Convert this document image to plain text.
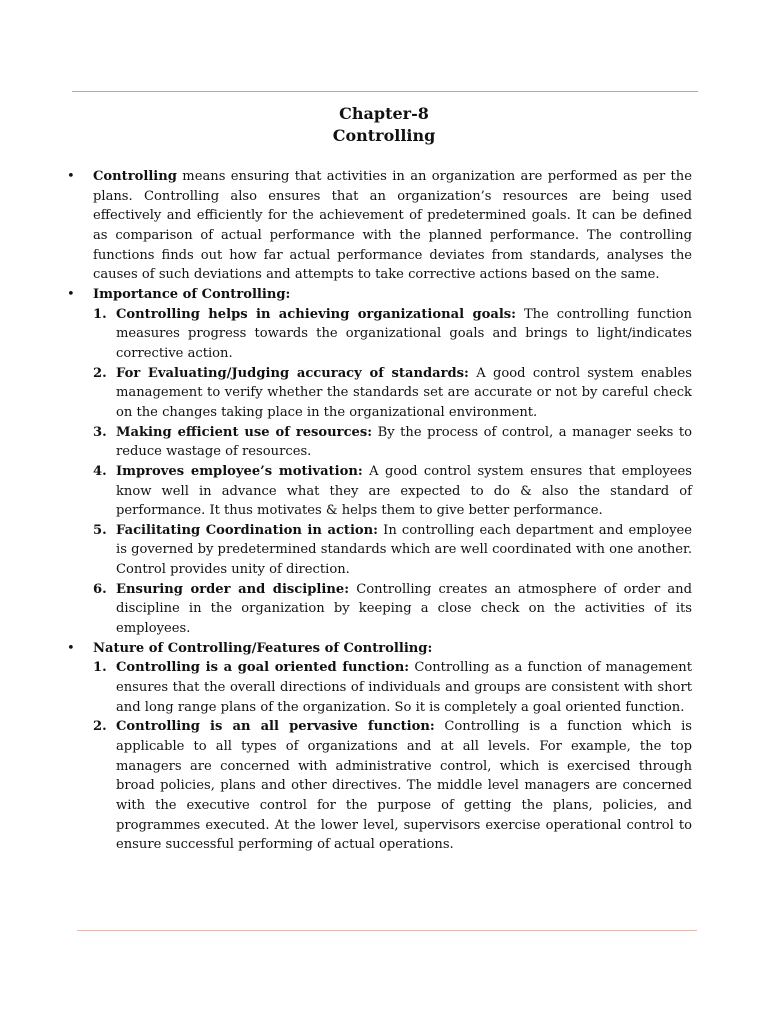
Chapter-8
Controlling
• Controlling means ensuring that activities in an organization are performed as per the plans. Controlling also ensures that an organization’s resources are being used effectively and efficiently for the achievement of predetermined goals. It can be defined as comparison of actual performance with the planned performance. The controlling functions finds out how far actual performance deviates from standards, analyses the causes of such deviations and attempts to take corrective actions based on the same.
• Importance of Controlling:
1. Controlling helps in achieving organizational goals: The controlling function measures progress towards the organizational goals and brings to light/indicates corrective action.
2. For Evaluating/Judging accuracy of standards: A good control system enables management to verify whether the standards set are accurate or not by careful check on the changes taking place in the organizational environment.
3. Making efficient use of resources: By the process of control, a manager seeks to reduce wastage of resources.
4. Improves employee’s motivation: A good control system ensures that employees know well in advance what they are expected to do & also the standard of performance. It thus motivates & helps them to give better performance.
5. Facilitating Coordination in action: In controlling each department and employee is governed by predetermined standards which are well coordinated with one another. Control provides unity of direction.
6. Ensuring order and discipline: Controlling creates an atmosphere of order and discipline in the organization by keeping a close check on the activities of its employees.
• Nature of Controlling/Features of Controlling:
1. Controlling is a goal oriented function: Controlling as a function of management ensures that the overall directions of individuals and groups are consistent with short and long range plans of the organization. So it is completely a goal oriented function.
2. Controlling is an all pervasive function: Controlling is a function which is applicable to all types of organizations and at all levels. For example, the top managers are concerned with administrative control, which is exercised through broad policies, plans and other directives. The middle level managers are concerned with the executive control for the purpose of getting the plans, policies, and programmes executed. At the lower level, supervisors exercise operational control to ensure successful performing of actual operations.
